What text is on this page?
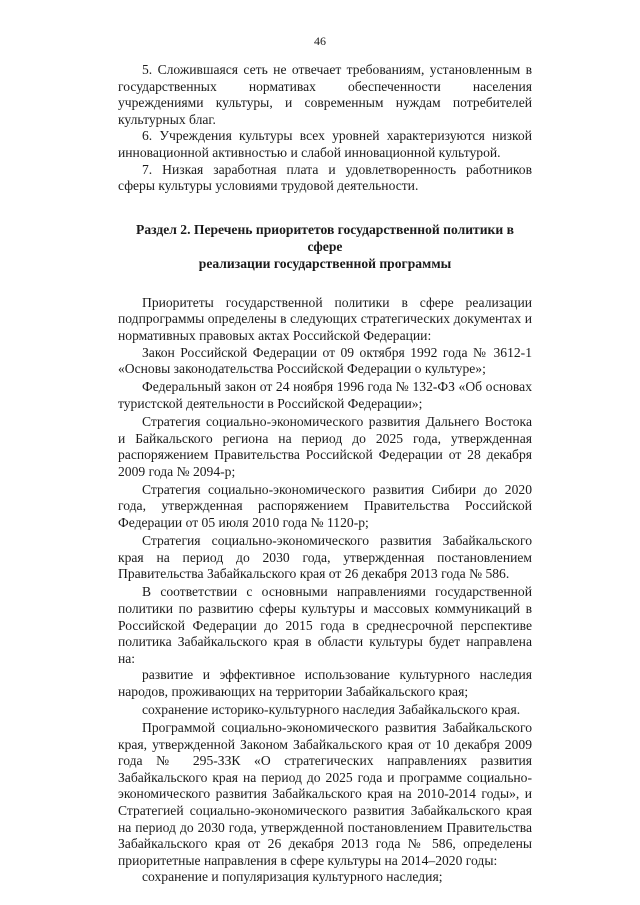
46

5. Сложившаяся сеть не отвечает требованиям, установленным в государственных нормативах обеспеченности населения учреждениями культуры, и современным нуждам потребителей культурных благ.

6. Учреждения культуры всех уровней характеризуются низкой инновационной активностью и слабой инновационной культурой.

7. Низкая заработная плата и удовлетворенность работников сферы культуры условиями трудовой деятельности.

Раздел 2. Перечень приоритетов государственной политики в сфере
реализации государственной программы

Приоритеты государственной политики в сфере реализации подпрограммы определены в следующих стратегических документах и нормативных правовых актах Российской Федерации:

Закон Российской Федерации от 09 октября 1992 года № 3612-1 «Основы законодательства Российской Федерации о культуре»;

Федеральный закон от 24 ноября 1996 года № 132-ФЗ «Об основах туристской деятельности в Российской Федерации»;

Стратегия социально-экономического развития Дальнего Востока и Байкальского региона на период до 2025 года, утвержденная распоряжением Правительства Российской Федерации от 28 декабря 2009 года № 2094-р;

Стратегия социально-экономического развития Сибири до 2020 года, утвержденная распоряжением Правительства Российской Федерации от 05 июля 2010 года № 1120-р;

Стратегия социально-экономического развития Забайкальского края на период до 2030 года, утвержденная постановлением Правительства Забайкальского края от 26 декабря 2013 года № 586.

В соответствии с основными направлениями государственной политики по развитию сферы культуры и массовых коммуникаций в Российской Федерации до 2015 года в среднесрочной перспективе политика Забайкальского края в области культуры будет направлена на:

развитие и эффективное использование культурного наследия народов, проживающих на территории Забайкальского края;

сохранение историко-культурного наследия Забайкальского края.

Программой социально-экономического развития Забайкальского края, утвержденной Законом Забайкальского края от 10 декабря 2009 года № 295-ЗЗК «О стратегических направлениях развития Забайкальского края на период до 2025 года и программе социально-экономического развития Забайкальского края на 2010-2014 годы», и Стратегией социально-экономического развития Забайкальского края на период до 2030 года, утвержденной постановлением Правительства Забайкальского края от 26 декабря 2013 года № 586, определены приоритетные направления в сфере культуры на 2014–2020 годы:

сохранение и популяризация культурного наследия;
